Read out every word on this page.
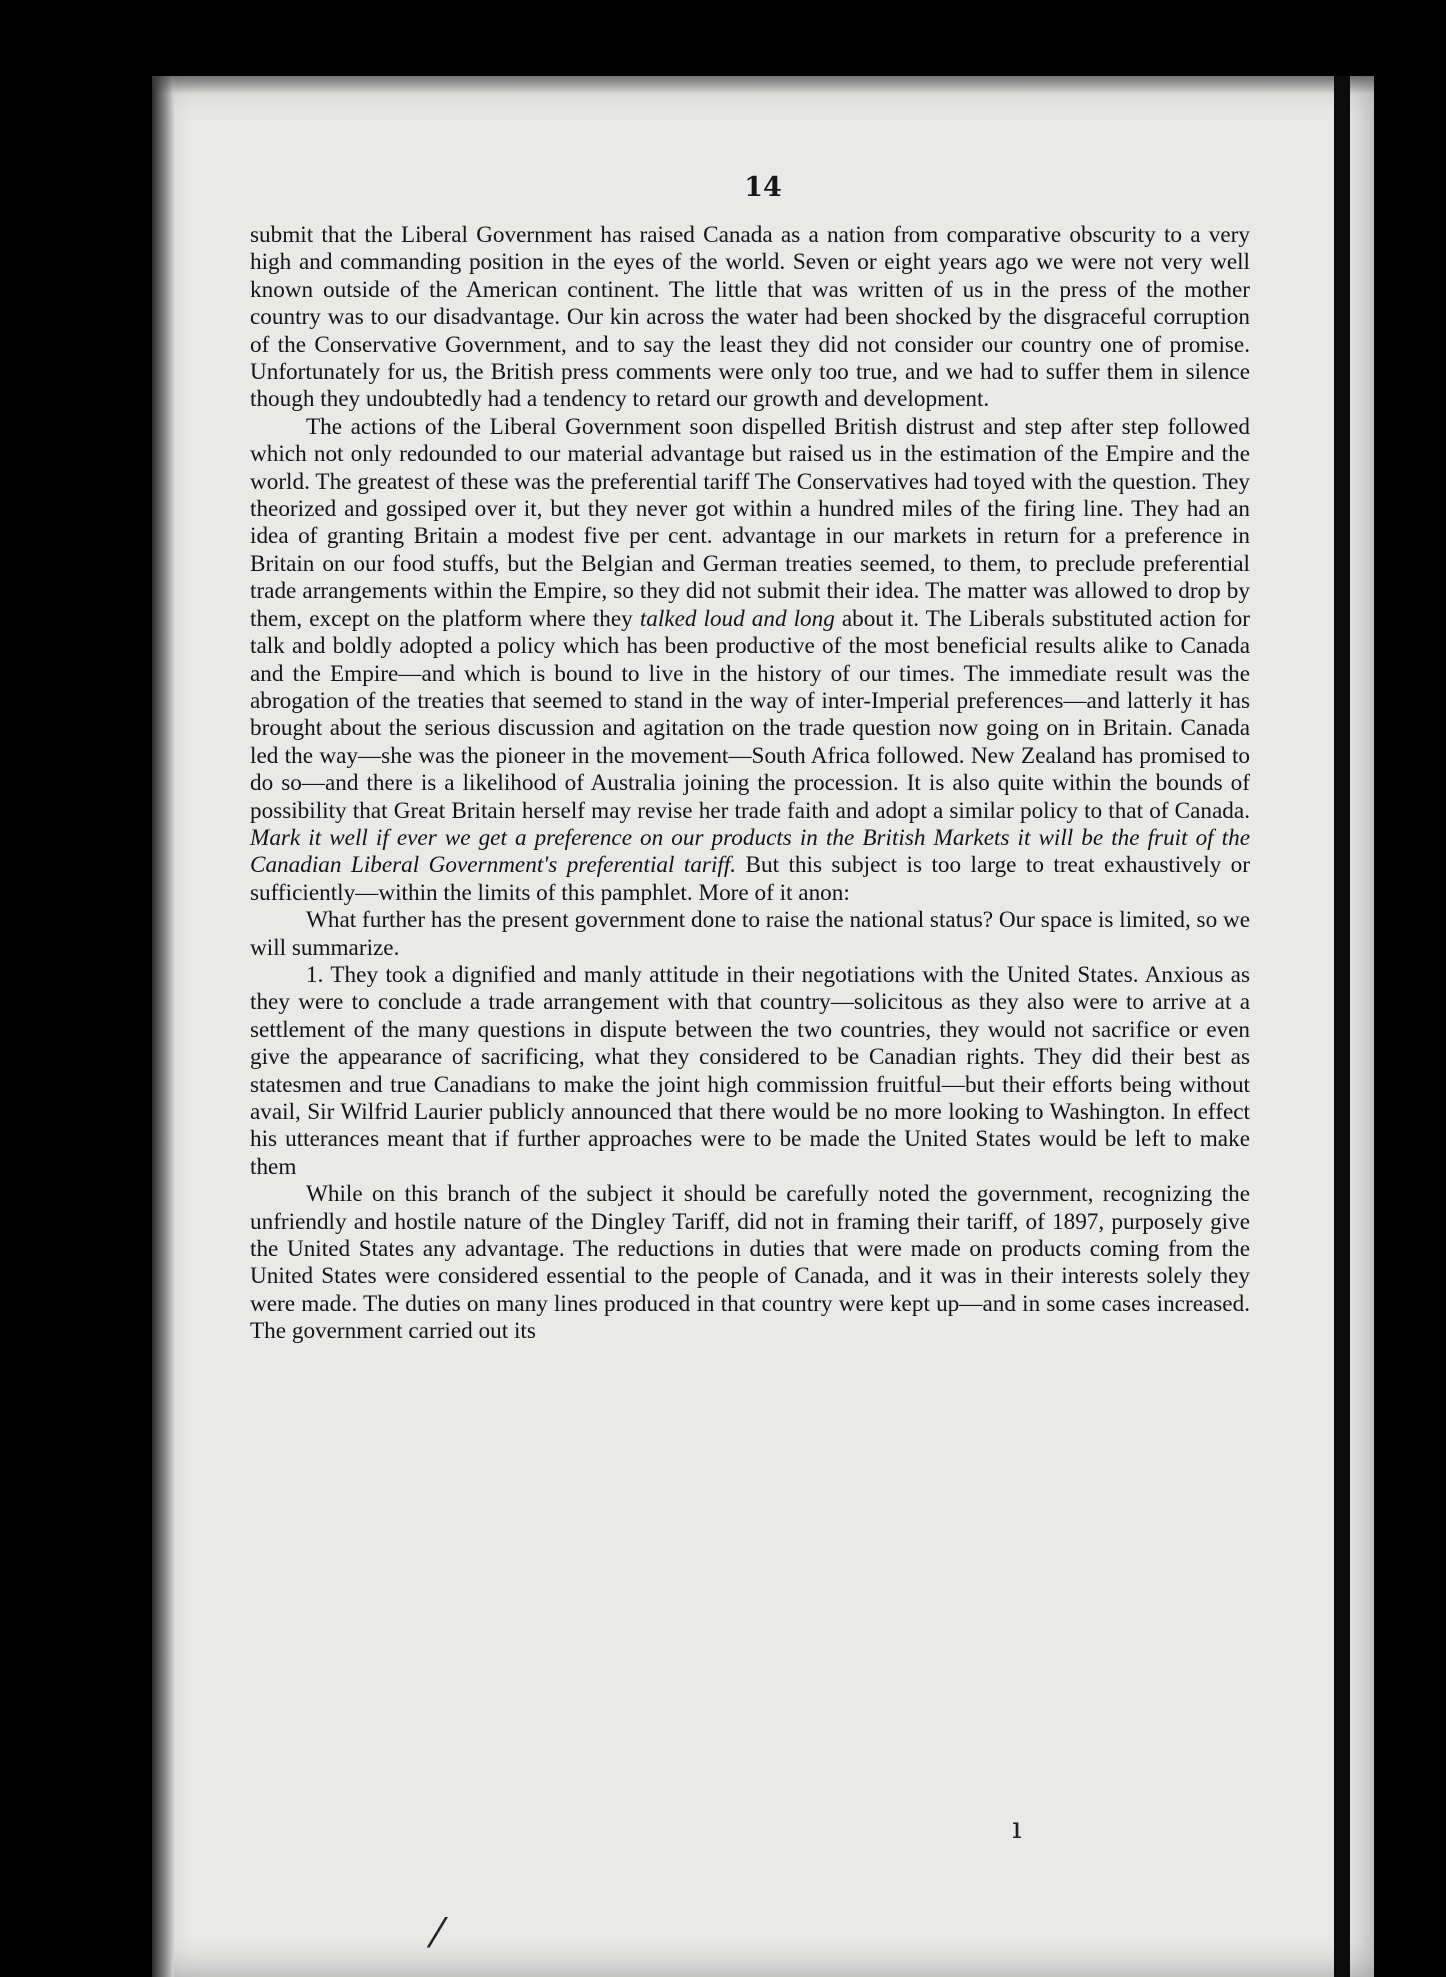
14

submit that the Liberal Government has raised Canada as a nation from comparative obscurity to a very high and commanding position in the eyes of the world. Seven or eight years ago we were not very well known outside of the American continent. The little that was written of us in the press of the mother country was to our disadvantage. Our kin across the water had been shocked by the disgraceful corruption of the Conservative Government, and to say the least they did not consider our country one of promise. Unfortunately for us, the British press comments were only too true, and we had to suffer them in silence though they undoubtedly had a tendency to retard our growth and development.

The actions of the Liberal Government soon dispelled British distrust and step after step followed which not only redounded to our material advantage but raised us in the estimation of the Empire and the world. The greatest of these was the preferential tariff The Conservatives had toyed with the question. They theorized and gossiped over it, but they never got within a hundred miles of the firing line. They had an idea of granting Britain a modest five per cent. advantage in our markets in return for a preference in Britain on our food stuffs, but the Belgian and German treaties seemed, to them, to preclude preferential trade arrangements within the Empire, so they did not submit their idea. The matter was allowed to drop by them, except on the platform where they talked loud and long about it. The Liberals substituted action for talk and boldly adopted a policy which has been productive of the most beneficial results alike to Canada and the Empire—and which is bound to live in the history of our times. The immediate result was the abrogation of the treaties that seemed to stand in the way of inter-Imperial preferences—and latterly it has brought about the serious discussion and agitation on the trade question now going on in Britain. Canada led the way—she was the pioneer in the movement—South Africa followed. New Zealand has promised to do so—and there is a likelihood of Australia joining the procession. It is also quite within the bounds of possibility that Great Britain herself may revise her trade faith and adopt a similar policy to that of Canada. Mark it well if ever we get a preference on our products in the British Markets it will be the fruit of the Canadian Liberal Government's preferential tariff. But this subject is too large to treat exhaustively or sufficiently—within the limits of this pamphlet. More of it anon:

What further has the present government done to raise the national status? Our space is limited, so we will summarize.

1. They took a dignified and manly attitude in their negotiations with the United States. Anxious as they were to conclude a trade arrangement with that country—solicitous as they also were to arrive at a settlement of the many questions in dispute between the two countries, they would not sacrifice or even give the appearance of sacrificing, what they considered to be Canadian rights. They did their best as statesmen and true Canadians to make the joint high commission fruitful—but their efforts being without avail, Sir Wilfrid Laurier publicly announced that there would be no more looking to Washington. In effect his utterances meant that if further approaches were to be made the United States would be left to make them

While on this branch of the subject it should be carefully noted the government, recognizing the unfriendly and hostile nature of the Dingley Tariff, did not in framing their tariff, of 1897, purposely give the United States any advantage. The reductions in duties that were made on products coming from the United States were considered essential to the people of Canada, and it was in their interests solely they were made. The duties on many lines produced in that country were kept up—and in some cases increased. The government carried out its

ı
⁄
